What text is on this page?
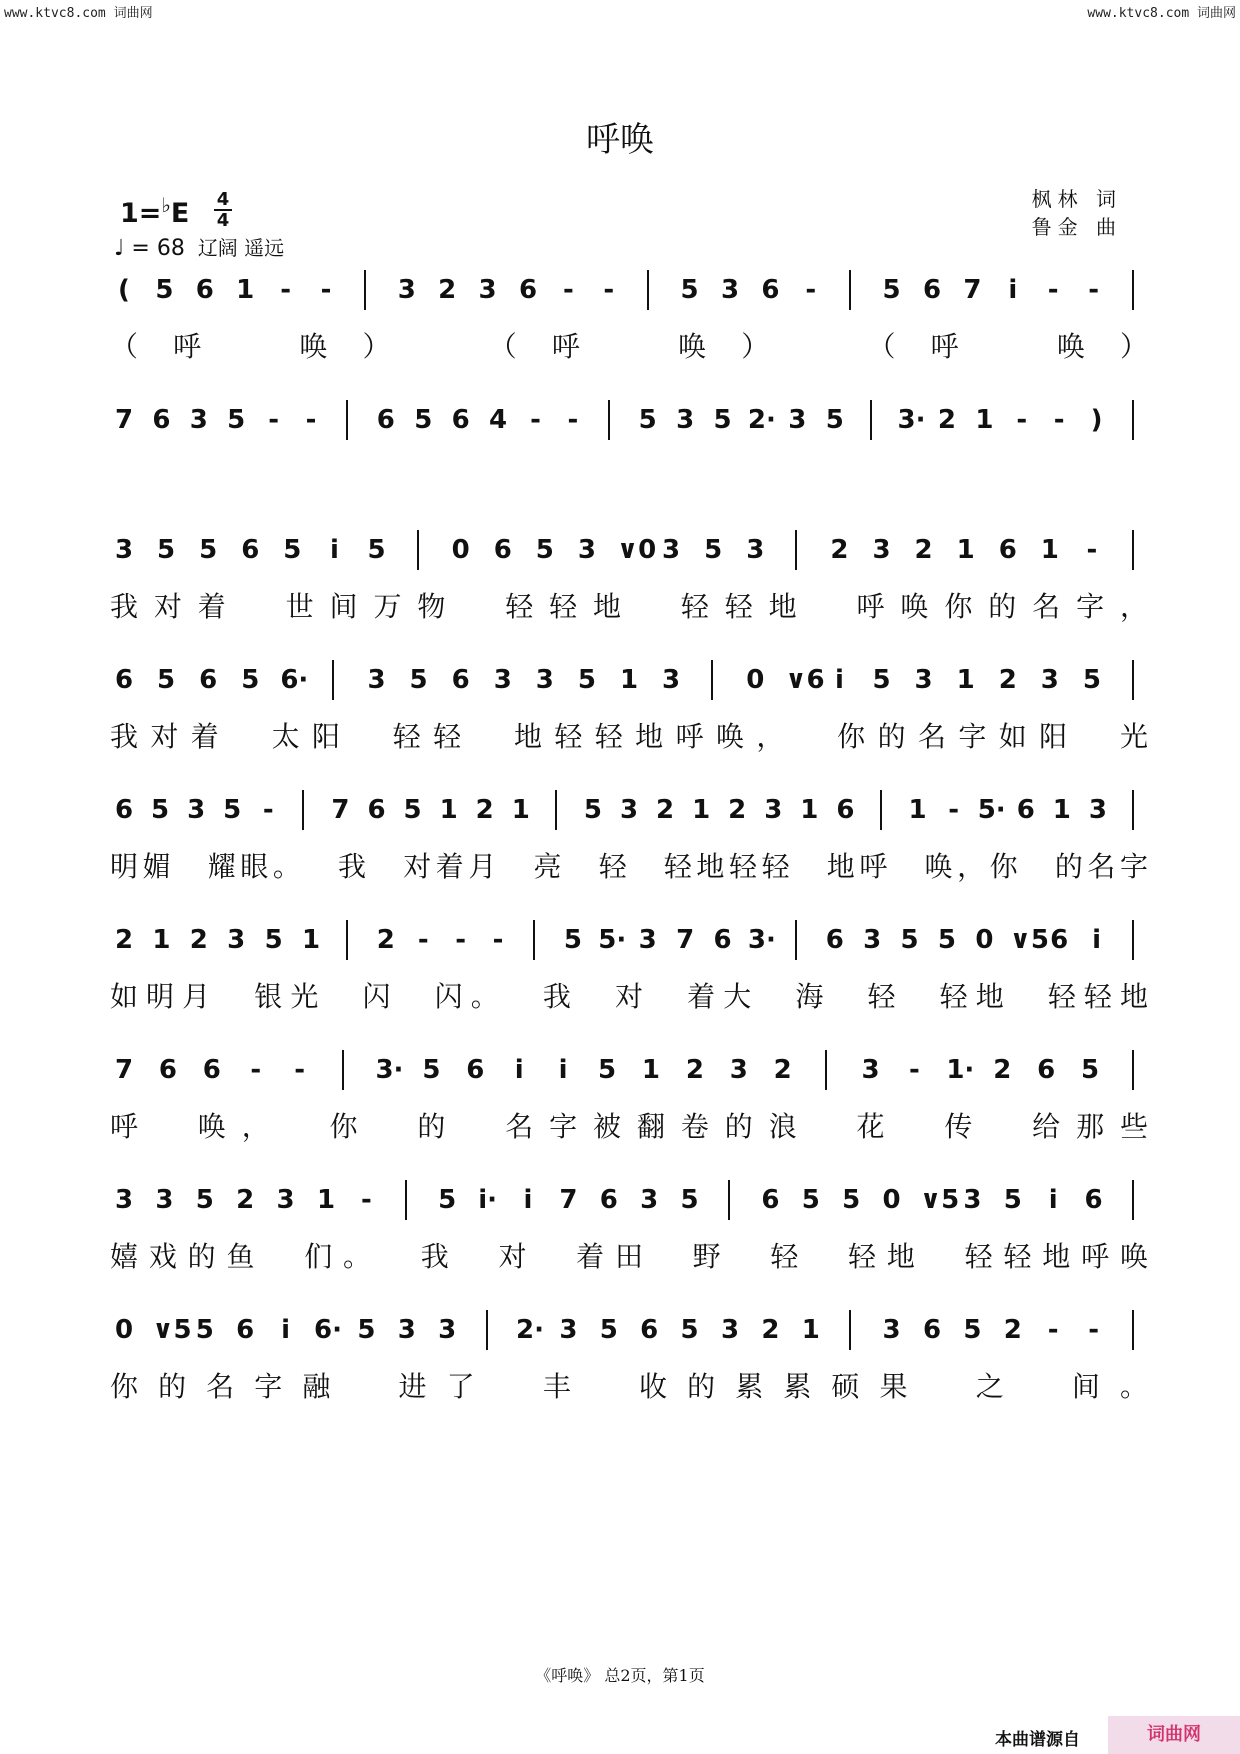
www.ktvc8.com 词曲网	www.ktvc8.com 词曲网
呼唤
1=♭E 4
4
♩ = 68 辽阔 遥远
枫林 词
鲁金 曲
( 5 6 1 - -	3 2 3 6 - -	5 3 6 -	5 6 7 i - -
（ 呼	唤 ）	（ 呼	唤 ）	（ 呼	唤 ）
7 6 3 5 - - 6 5 6 4 - - 5 3 5 2· 3 5 3· 2 1 - - )
3 5 5 6 5 i 5	0 6 5 3 ∨0 3 5 3	2 3 2 1 6 1 -
我 对 着 世 间 万 物 轻 轻 地 轻 轻 地 呼 唤 你 的 名 字 ，
6 5 6 5 6· 3 5 6 3 3 5 1 3	0 ∨6 i 5 3 1 2 3 5
我 对 着 太 阳 轻 轻 地 轻 轻 地 呼 唤 ， 你 的 名 字 如 阳 光
6 5 3 5 - 7 6 5 1 2 1 5 3 2 1 2 3 1 6 1 - 5· 6 1 3
明 媚 耀 眼 。 我 对 着 月 亮 轻 轻 地 轻 轻 地 呼 唤 ， 你 的 名 字
2 1 2 3 5 1 2 - - - 5 5· 3 7 6 3· 6 3 5 5 0 ∨5 6 i
如 明 月 银 光 闪 闪 。 我 对 着 大 海 轻 轻 地 轻 轻 地
7 6 6 - -	3· 5 6 i i 5 1 2 3 2	3 - 1· 2 6 5
呼 唤 ， 你 的 名 字 被 翻 卷 的 浪 花 传 给 那 些
3 3 5 2 3 1 -	5 i· i 7 6 3 5 6 5 5 0 ∨5 3 5 i 6
嬉 戏 的 鱼 们 。 我 对 着 田 野 轻 轻 地 轻 轻 地 呼 唤
0 ∨5 5 6 i 6· 5 3 3 2· 3 5 6 5 3 2 1 3 6 5 2 - -
你 的 名 字 融 进 了 丰 收 的 累 累 硕 果 之 间 。
《呼唤》 总2页，第1页
本曲谱源自	词曲网
